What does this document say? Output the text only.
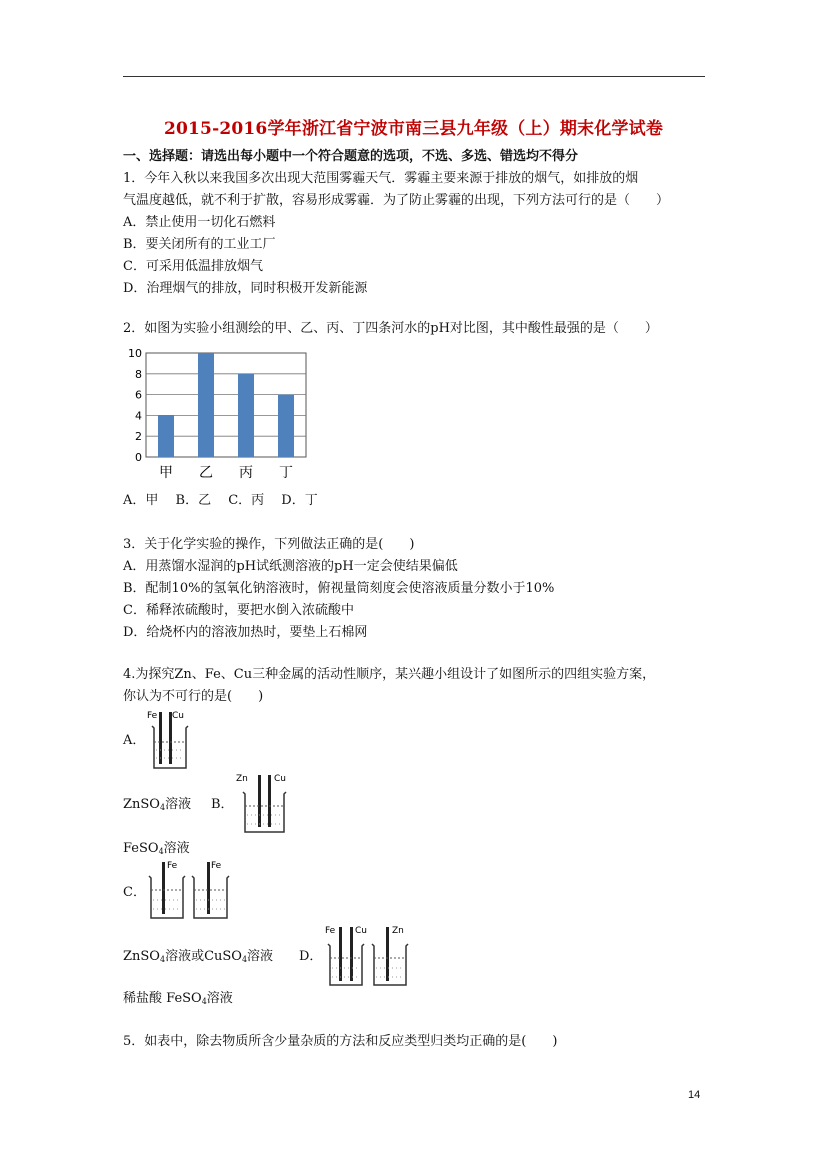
2015-2016学年浙江省宁波市南三县九年级（上）期末化学试卷
一、选择题：请选出每小题中一个符合题意的选项，不选、多选、错选均不得分
1．今年入秋以来我国多次出现大范围雾霾天气．雾霾主要来源于排放的烟气，如排放的烟
气温度越低，就不利于扩散，容易形成雾霾．为了防止雾霾的出现，下列方法可行的是（　　）
A．禁止使用一切化石燃料
B．要关闭所有的工业工厂
C．可采用低温排放烟气
D．治理烟气的排放，同时积极开发新能源
2．如图为实验小组测绘的甲、乙、丙、丁四条河水的pH对比图，其中酸性最强的是（　　）
0
2
4
6
8
10
甲 乙 丙 丁
A．甲　 B．乙　 C．丙　 D．丁
3．关于化学实验的操作，下列做法正确的是(　　)
A．用蒸馏水湿润的pH试纸测溶液的pH一定会使结果偏低
B．配制10%的氢氧化钠溶液时，俯视量筒刻度会使溶液质量分数小于10%
C．稀释浓硫酸时，要把水倒入浓硫酸中
D．给烧杯内的溶液加热时，要垫上石棉网
4.为探究Zn、Fe、Cu三种金属的活动性顺序，某兴趣小组设计了如图所示的四组实验方案，
你认为不可行的是(　　)
A．
Fe Cu
ZnSO$_4$溶液 B．
Zn	Cu
FeSO$_4$溶液
C．
Fe	Fe
ZnSO$_4$溶液或CuSO$_4$溶液 D．
Fe Cu	Zn
稀盐酸 FeSO$_4$溶液
5．如表中，除去物质所含少量杂质的方法和反应类型归类均正确的是(　　)
14
